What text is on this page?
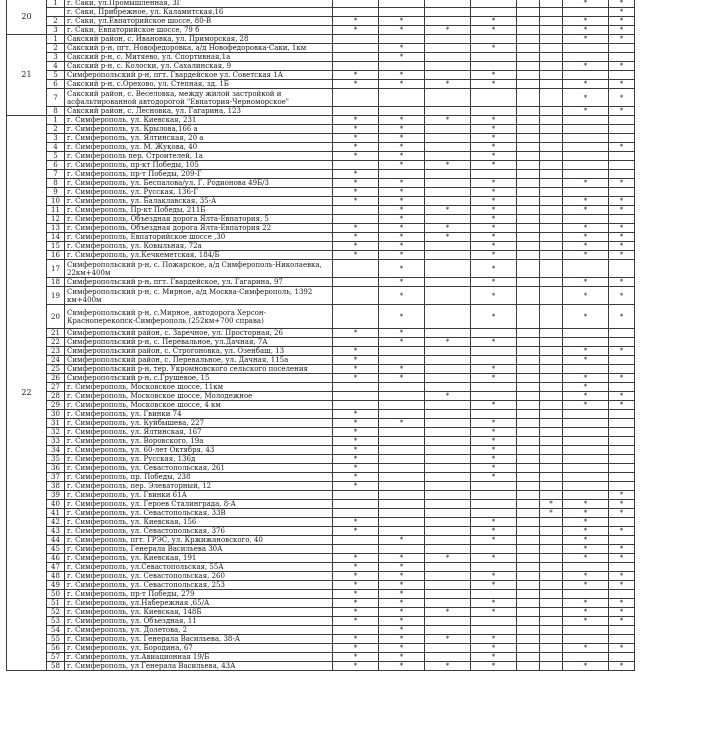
20	1	г. Саки, ул.Промышленная, 3Г							*	*
		г. Саки, Прибрежное, ул. Каламитская,16								*
	2	г. Саки, ул.Евпаторийское шоссе, 80-В	*	*		*			*	*
	3	г. Саки, Евпаторийское шоссе, 79 б	*	*	*	*			*	*
21	1	Сакский район, с. Ивановка, ул. Приморская, 28							*	*
	2	Сакский р-н, пгт. Новофедоровка, а/д Новофедоровка-Саки, 1км		*		*				
	3	Сакский р-н, с. Митяево, ул. Спортивная,1а		*						
	4	Сакский р-н, с. Колоски, ул. Сахалинская, 9							*	*
	5	Симферопольский р-н, пгт. Гвардейское ул. Советская 1А	*	*		*				
	6	Сакский р-н, с.Орехово, ул. Степная, зд. 1Б	*	*	*	*			*	*
	7	Сакский район, с. Веселовка, между жилой застройкой и асфальтированной автодорогой "Евпатория-Черноморское"							*	*
	8	Сакский район, с. Лесновка, ул. Гагарина, 123							*	*
22	1	г. Симферополь, ул. Киевская, 231	*	*	*	*				
	2	г. Симферополь, ул. Крылова,166 а	*	*		*				
	3	г. Симферополь, ул. Ялтинская, 20 а	*	*		*				
	4	г. Симферополь, ул. М. Жукова, 40	*	*		*				*
	5	г. Симферополь пер. Строителей, 1а	*	*		*				
	6	г. Симферополь, пр-кт Победы, 105		*	*	*				
	7	г. Симферополь, пр-т Победы, 209-Г	*							
	8	г. Симферополь, ул. Беспалова/ул. Г. Родионова 49Б/3	*	*		*			*	*
	9	г. Симферополь, ул. Русская, 136-Г	*	*		*				
	10	г. Симферополь, ул. Балаклавская, 35-А	*	*		*			*	*
	11	г. Симферополь, Пр-кт Победы, 211Б		*	*	*			*	*
	12	г. Симферополь, Объездная дорога Ялта-Евпатория, 5		*		*				
	13	г. Симферополь, Объездная дорога Ялта-Евпатория 22	*	*	*	*			*	*
	14	г. Симферополь, Евпаторийское шоссе ,30	*	*	*	*			*	*
	15	г. Симферополь, ул. Ковыльная, 72а	*	*		*			*	*
	16	г. Симферополь, ул.Кечкеметская, 184/Б	*	*		*			*	*
	17	Симферопольский р-н, с. Пожарское, а/д Симферополь-Николаевка, 22км+400м		*		*				
	18	Симферопольский р-н, пгт. Гвардейское, ул. Гагарина, 97		*		*			*	*
	19	Симферопольский р-н, с. Мирное, а/д Москва-Симферополь, 1392 км+400м		*		*			*	*
	20	Симферопольский р-н, с.Мирное, автодорога Херсон-Красноперекопск-Симферополь (252км+700 справа)		*		*			*	*
	21	Симферопольский район, с. Заречное, ул. Простоpная, 26	*	*						
	22	Симферопольский р-н, с. Перевальное, ул.Дачная, 7А		*	*	*				
	23	Симферопольский район, с. Строгоновка, ул. Озенбаш, 13	*						*	*
	24	Симферопольский район, с. Перевальное, ул. Дачная, 115а	*						*	
	25	Симферопольский р-н, тер. Укромновского сельского поселения	*	*		*				
	26	Симферопольский р-н, с.Грушевое, 15	*	*		*			*	*
	27	г. Симферополь, Московское шоссе, 11км							*	
	28	г. Симферополь, Московское шоссе, Молодежное			*				*	*
	29	г. Симферополь, Московское шоссе, 4 км				*			*	*
	30	г. Симферополь, ул. Гвинки 74	*							
	31	г. Симферополь, ул. Куйбышева, 227	*	*		*				
	32	г. Симферополь, ул. Ялтинская, 167	*			*				
	33	г. Симферополь, ул. Воровского, 19а	*			*				
	34	г. Симферополь, ул. 60-лет Октября, 43	*			*				
	35	г. Симферополь, ул. Русская, 136д	*			*				
	36	г. Симферополь, ул. Севастопольская, 261	*			*				
	37	г. Симферополь, пр. Победы, 238	*			*				
	38	г. Симферополь, пер. Элеваторный, 12	*							
	39	г. Симферополь, ул. Гвинки 61А								*
	40	г. Симферополь, ул. Героев Сталинграда, 8-А						*	*	*
	41	г. Симферополь, ул. Севастопольская, 33В						*	*	*
	42	г. Симферополь, ул. Киевская, 156	*			*			*	
	43	г. Симферополь, ул. Севастопольская, 376	*			*			*	*
	44	г. Симферополь, пгт. ГРЭС, ул. Кржижановского, 40		*		*			*	
	45	г. Симферополь, Генерала Васильева 30А							*	*
	46	г. Симферополь, ул. Киевская, 191	*	*	*	*			*	*
	47	г. Симферополь, ул.Севастопольская, 55А	*	*						
	48	г. Симферополь, ул. Севастопольская, 260	*	*		*			*	*
	49	г. Симферополь, ул. Севастопольская, 253	*	*		*			*	*
	50	г. Симферополь, пр-т Победы, 279	*	*						
	51	г. Симферополь, ул.Набережная ,65/А	*	*		*			*	*
	52	г. Симферополь, ул. Киевская, 148Б	*	*	*	*			*	*
	53	г. Симферополь, ул. Объездная, 11	*	*					*	*
	54	г. Симферополь, ул. Долетова, 2		*						
	55	г. Симферополь, ул. Генерала Васильева, 38-А	*	*	*	*				
	56	г. Симферополь, ул. Бородина, 67	*	*		*			*	*
	57	г. Симферополь, ул.Авиационная 19/Б	*	*		*				
	58	г. Симферополь, ул Генерала Васильева, 43А	*	*	*	*			*	*
